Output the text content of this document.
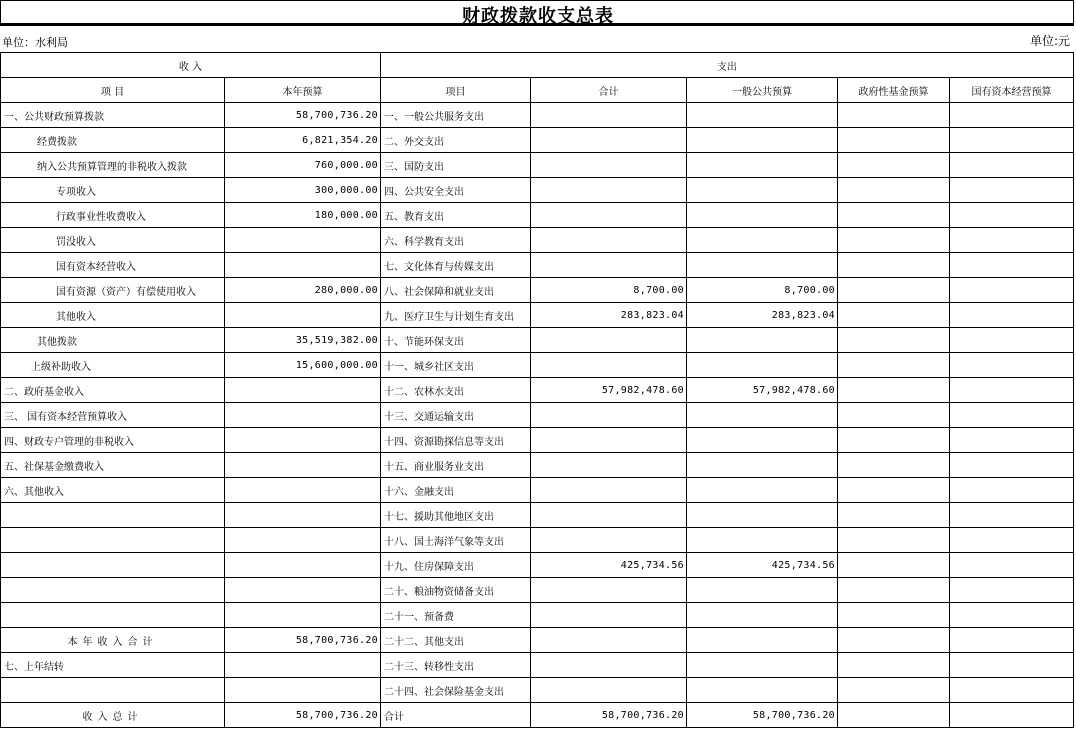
财政拨款收支总表
单位：水利局	单位:元
收 入		支出				
项 目	本年预算	项目	合计	一般公共预算	政府性基金预算	国有资本经营预算
一、公共财政预算拨款	58,700,736.20	一、一般公共服务支出				
经费拨款	6,821,354.20	二、外交支出				
纳入公共预算管理的非税收入拨款	760,000.00	三、国防支出				
专项收入	300,000.00	四、公共安全支出				
行政事业性收费收入	180,000.00	五、教育支出				
罚没收入		六、科学教育支出				
国有资本经营收入		七、文化体育与传媒支出				
国有资源（资产）有偿使用收入	280,000.00	八、社会保障和就业支出	8,700.00	8,700.00		
其他收入		九、医疗卫生与计划生育支出	283,823.04	283,823.04		
其他拨款	35,519,382.00	十、节能环保支出				
上级补助收入	15,600,000.00	十一、城乡社区支出				
二、政府基金收入		十二、农林水支出	57,982,478.60	57,982,478.60		
三、 国有资本经营预算收入		十三、交通运输支出				
四、财政专户管理的非税收入		十四、资源勘探信息等支出				
五、社保基金缴费收入		十五、商业服务业支出				
六、其他收入		十六、金融支出				
		十七、援助其他地区支出				
		十八、国土海洋气象等支出				
		十九、住房保障支出	425,734.56	425,734.56		
		二十、粮油物资储备支出				
		二十一、预备费				
本年收入合计	58,700,736.20	二十二、其他支出				
七、上年结转		二十三、转移性支出				
		二十四、社会保险基金支出				
收入总计	58,700,736.20	合计	58,700,736.20	58,700,736.20		
